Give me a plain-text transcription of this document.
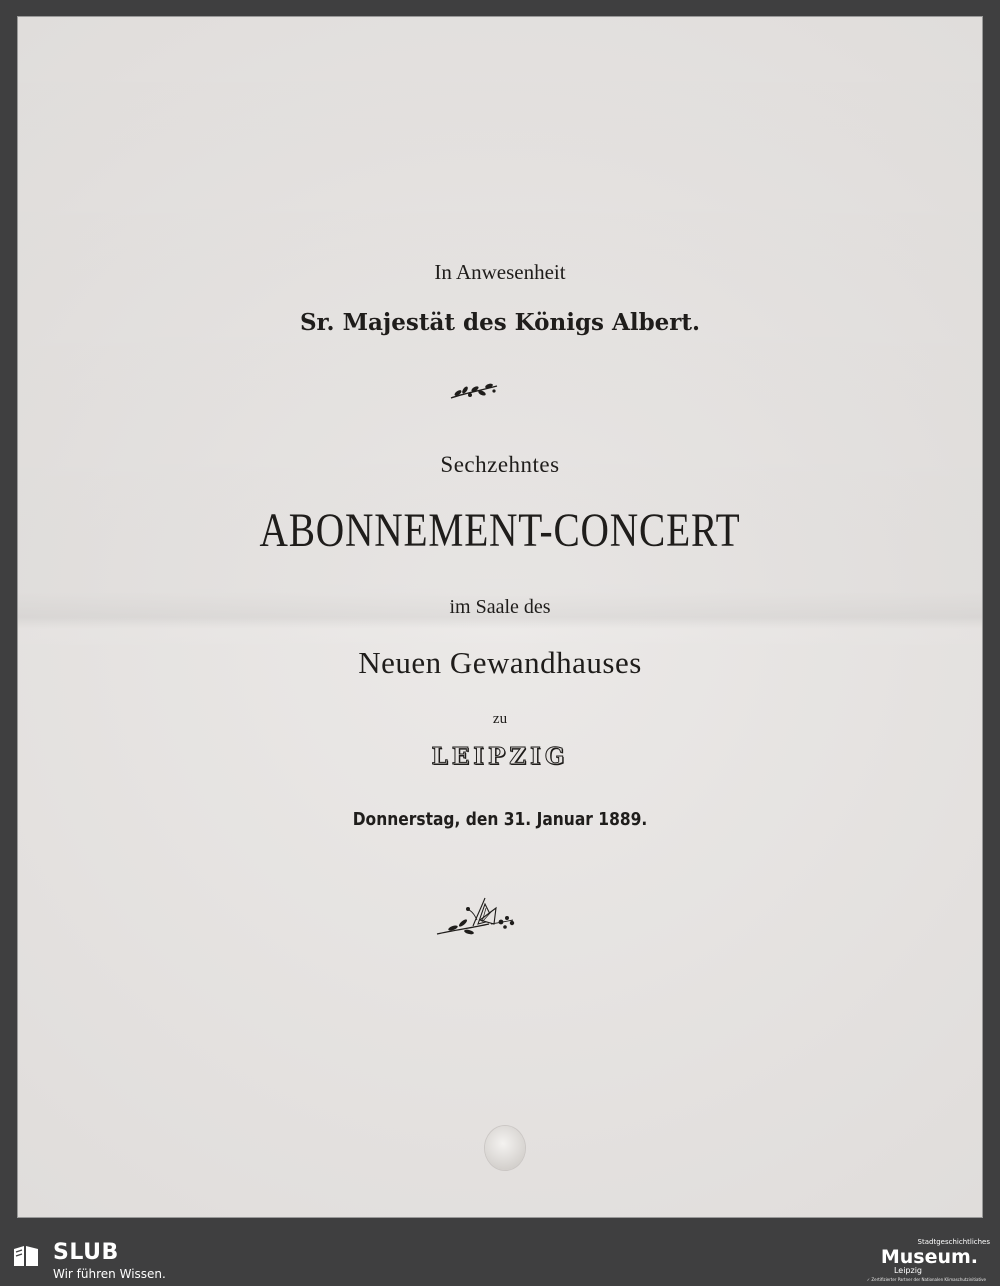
In Anwesenheit

Sr. Majestät des Königs Albert.

Sechzehntes

ABONNEMENT-CONCERT

im Saale des

Neuen Gewandhauses

zu

LEIPZIG

Donnerstag, den 31. Januar 1889.

SLUB
Wir führen Wissen.
Stadtgeschichtliches
Museum.
Leipzig
✓ Zertifizierter Partner der Nationalen Klimaschutzinitiative
